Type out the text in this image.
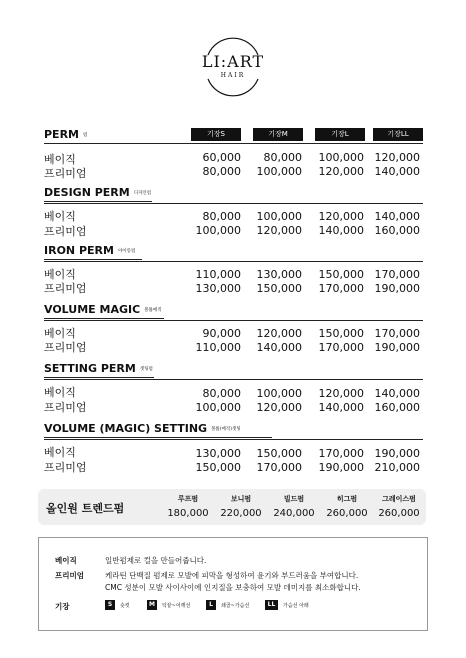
LI:ART
HAIR
PERM 펌	기장S	기장M	기장L	기장LL
베이직	60,000	80,000	100,000 120,000
프리미엄	80,000	100,000	120,000 140,000
DESIGN PERM 디자인펌
베이직	80,000	100,000	120,000 140,000
프리미엄	100,000	120,000	140,000 160,000
IRON PERM 아이롱펌
베이직	110,000	130,000	150,000 170,000
프리미엄	130,000	150,000	170,000 190,000
VOLUME MAGIC 볼륨매직
베이직	90,000	120,000	150,000 170,000
프리미엄	110,000	140,000	170,000 190,000
SETTING PERM 셋팅펌
베이직	80,000	100,000	120,000 140,000
프리미엄	100,000	120,000	140,000 160,000
VOLUME (MAGIC) SETTING 볼륨(매직)셋팅
베이직	130,000	150,000	170,000 190,000
프리미엄	150,000	170,000	190,000 210,000
올인원 트렌드펌
루프펌
180,000
보니펌
220,000
빌드펌
240,000
히그펌
260,000
그레이스펌
260,000
베이직	일반펌제로 컬을 만들어줍니다.
프리미엄	케라틴 단백질 펌제로 모발에 피막을 형성하여 윤기와 부드러움을 부여합니다.
CMC 성분이 모발 사이사이에 인지질을 보충하여 모발 데미지를 최소화합니다.
기장	S	숏컷	M	턱끝~어깨선	L	쇄골~가슴선	LL	가슴선 아래
